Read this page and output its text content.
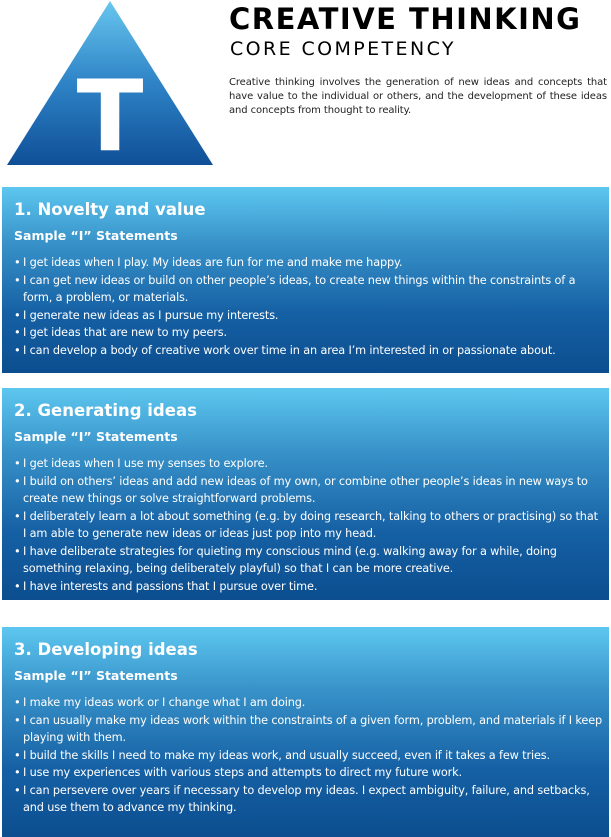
T
CREATIVE THINKING
CORE COMPETENCY

Creative thinking involves the generation of new ideas and concepts that have value to the individual or others, and the development of these ideas and concepts from thought to reality.

1. Novelty and value
Sample “I” Statements
• I get ideas when I play. My ideas are fun for me and make me happy.
• I can get new ideas or build on other people’s ideas, to create new things within the constraints of a form, a problem, or materials.
• I generate new ideas as I pursue my interests.
• I get ideas that are new to my peers.
• I can develop a body of creative work over time in an area I’m interested in or passionate about.
2. Generating ideas
Sample “I” Statements
• I get ideas when I use my senses to explore.
• I build on others’ ideas and add new ideas of my own, or combine other people’s ideas in new ways to create new things or solve straightforward problems.
• I deliberately learn a lot about something (e.g. by doing research, talking to others or practising) so that I am able to generate new ideas or ideas just pop into my head.
• I have deliberate strategies for quieting my conscious mind (e.g. walking away for a while, doing something relaxing, being deliberately playful) so that I can be more creative.
• I have interests and passions that I pursue over time.
3. Developing ideas
Sample “I” Statements
• I make my ideas work or I change what I am doing.
• I can usually make my ideas work within the constraints of a given form, problem, and materials if I keep playing with them.
• I build the skills I need to make my ideas work, and usually succeed, even if it takes a few tries.
• I use my experiences with various steps and attempts to direct my future work.
• I can persevere over years if necessary to develop my ideas. I expect ambiguity, failure, and setbacks, and use them to advance my thinking.
